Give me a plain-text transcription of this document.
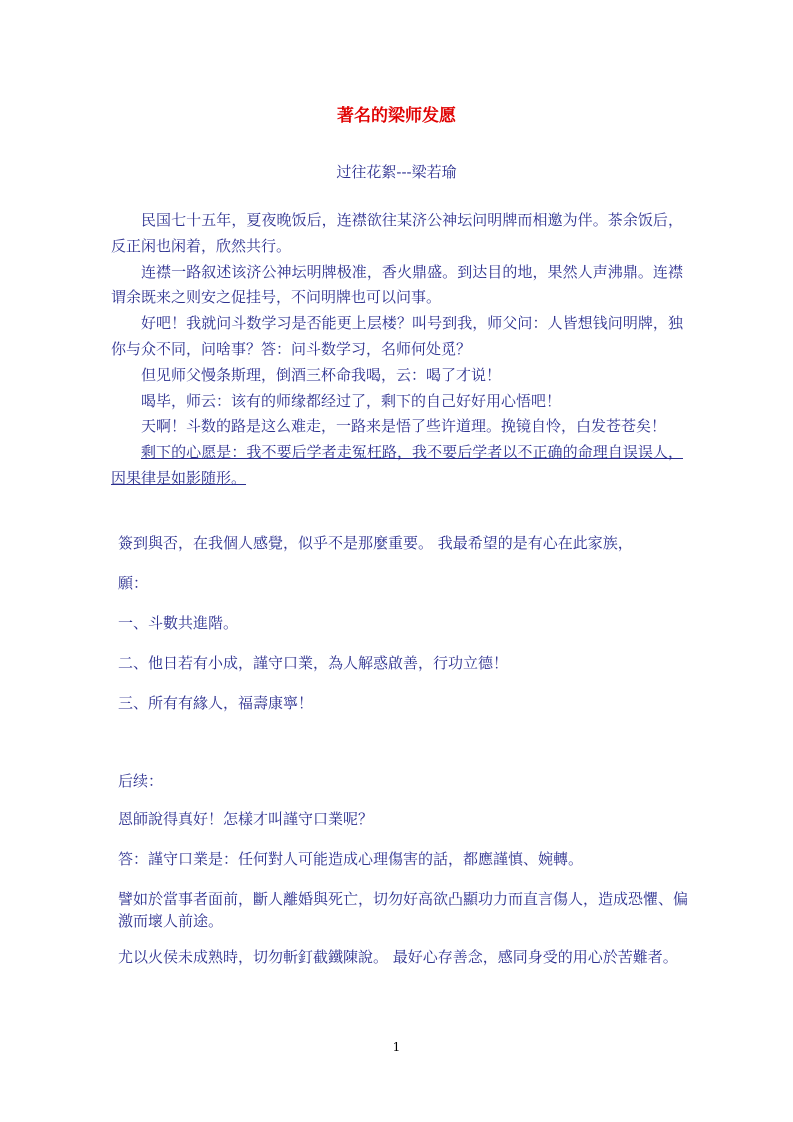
著名的梁师发愿
过往花絮---梁若瑜

民国七十五年，夏夜晚饭后，连襟欲往某济公神坛问明牌而相邀为伴。茶余饭后，反正闲也闲着，欣然共行。

连襟一路叙述该济公神坛明牌极准，香火鼎盛。到达目的地，果然人声沸鼎。连襟谓余既来之则安之促挂号，不问明牌也可以问事。

好吧！我就问斗数学习是否能更上层楼？叫号到我，师父问：人皆想钱问明牌，独你与众不同，问啥事？答：问斗数学习，名师何处觅？

但见师父慢条斯理，倒酒三杯命我喝，云：喝了才说！

喝毕，师云：该有的师缘都经过了，剩下的自己好好用心悟吧！

天啊！斗数的路是这么难走，一路来是悟了些许道理。挽镜自怜，白发苍苍矣！

剩下的心愿是：我不要后学者走冤枉路，我不要后学者以不正确的命理自误误人，因果律是如影随形。

簽到與否，在我個人感覺，似乎不是那麼重要。 我最希望的是有心在此家族，

願：

一、斗數共進階。

二、他日若有小成，謹守口業，為人解惑啟善，行功立德！

三、所有有緣人，福壽康寧！

后续：

恩師說得真好！怎樣才叫謹守口業呢？

答：謹守口業是：任何對人可能造成心理傷害的話，都應謹慎、婉轉。

譬如於當事者面前，斷人離婚與死亡，切勿好高欲凸顯功力而直言傷人，造成恐懼、偏激而壞人前途。

尤以火侯未成熟時，切勿斬釘截鐵陳說。 最好心存善念，感同身受的用心於苦難者。

1
